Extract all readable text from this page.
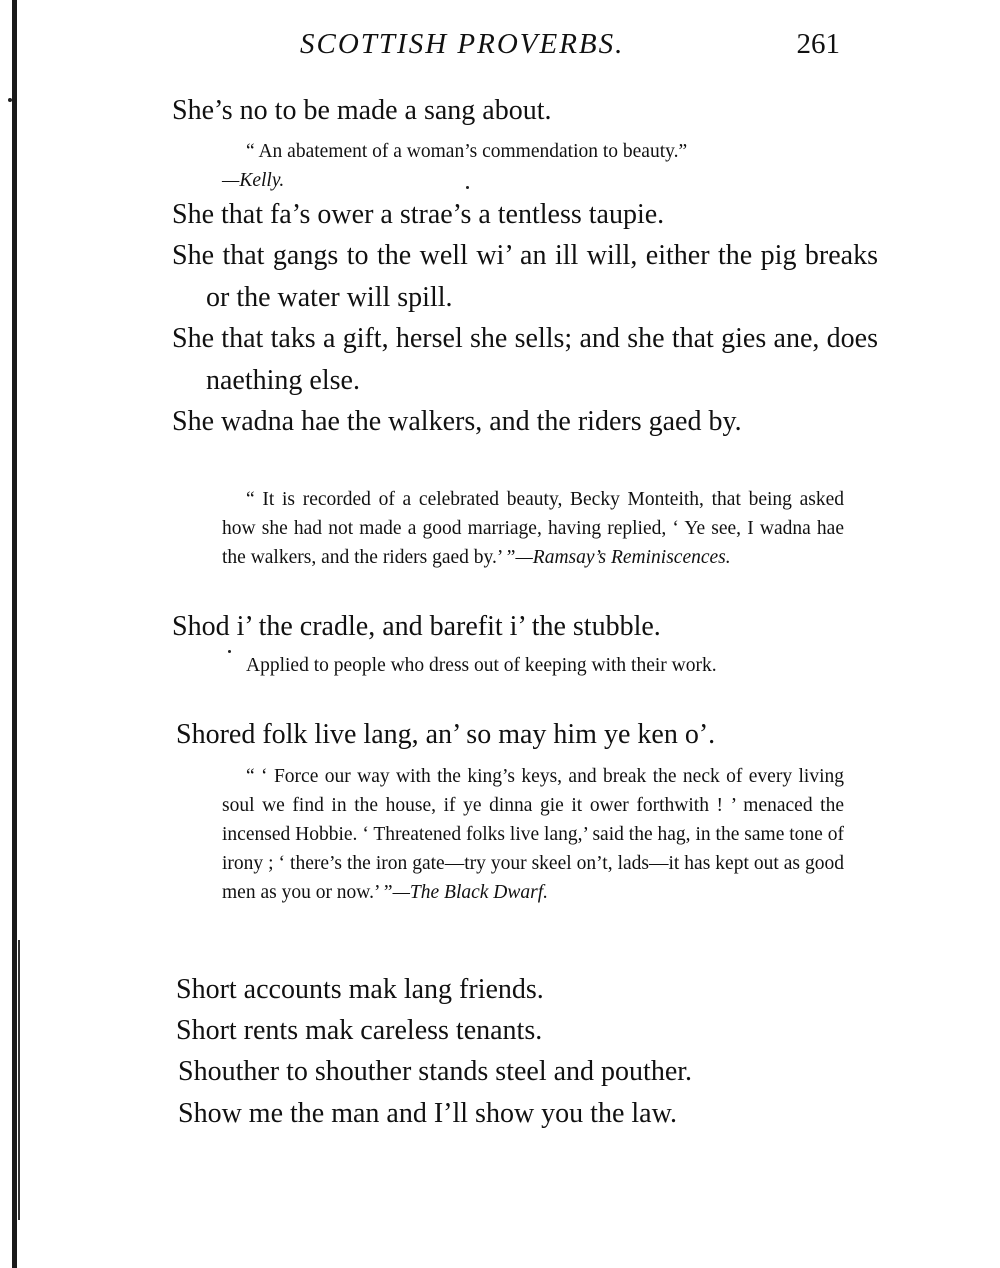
SCOTTISH PROVERBS.	261
She’s no to be made a sang about.
“ An abatement of a woman’s commendation to beauty.”
—Kelly.
She that fa’s ower a strae’s a tentless taupie.
She that gangs to the well wi’ an ill will, either the pig breaks or the water will spill.
She that taks a gift, hersel she sells; and she that gies ane, does naething else.
She wadna hae the walkers, and the riders gaed by.
“ It is recorded of a celebrated beauty, Becky Monteith, that being asked how she had not made a good marriage, having replied, ‘ Ye see, I wadna hae the walkers, and the riders gaed by.’ ”—Ramsay’s Reminiscences.
Shod i’ the cradle, and barefit i’ the stubble.
Applied to people who dress out of keeping with their work.
Shored folk live lang, an’ so may him ye ken o’.
“ ‘ Force our way with the king’s keys, and break the neck of every living soul we find in the house, if ye dinna gie it ower forthwith ! ’ menaced the incensed Hobbie. ‘ Threatened folks live lang,’ said the hag, in the same tone of irony ; ‘ there’s the iron gate—try your skeel on’t, lads—it has kept out as good men as you or now.’ ”—The Black Dwarf.
Short accounts mak lang friends.
Short rents mak careless tenants.
Shouther to shouther stands steel and pouther.
Show me the man and I’ll show you the law.
